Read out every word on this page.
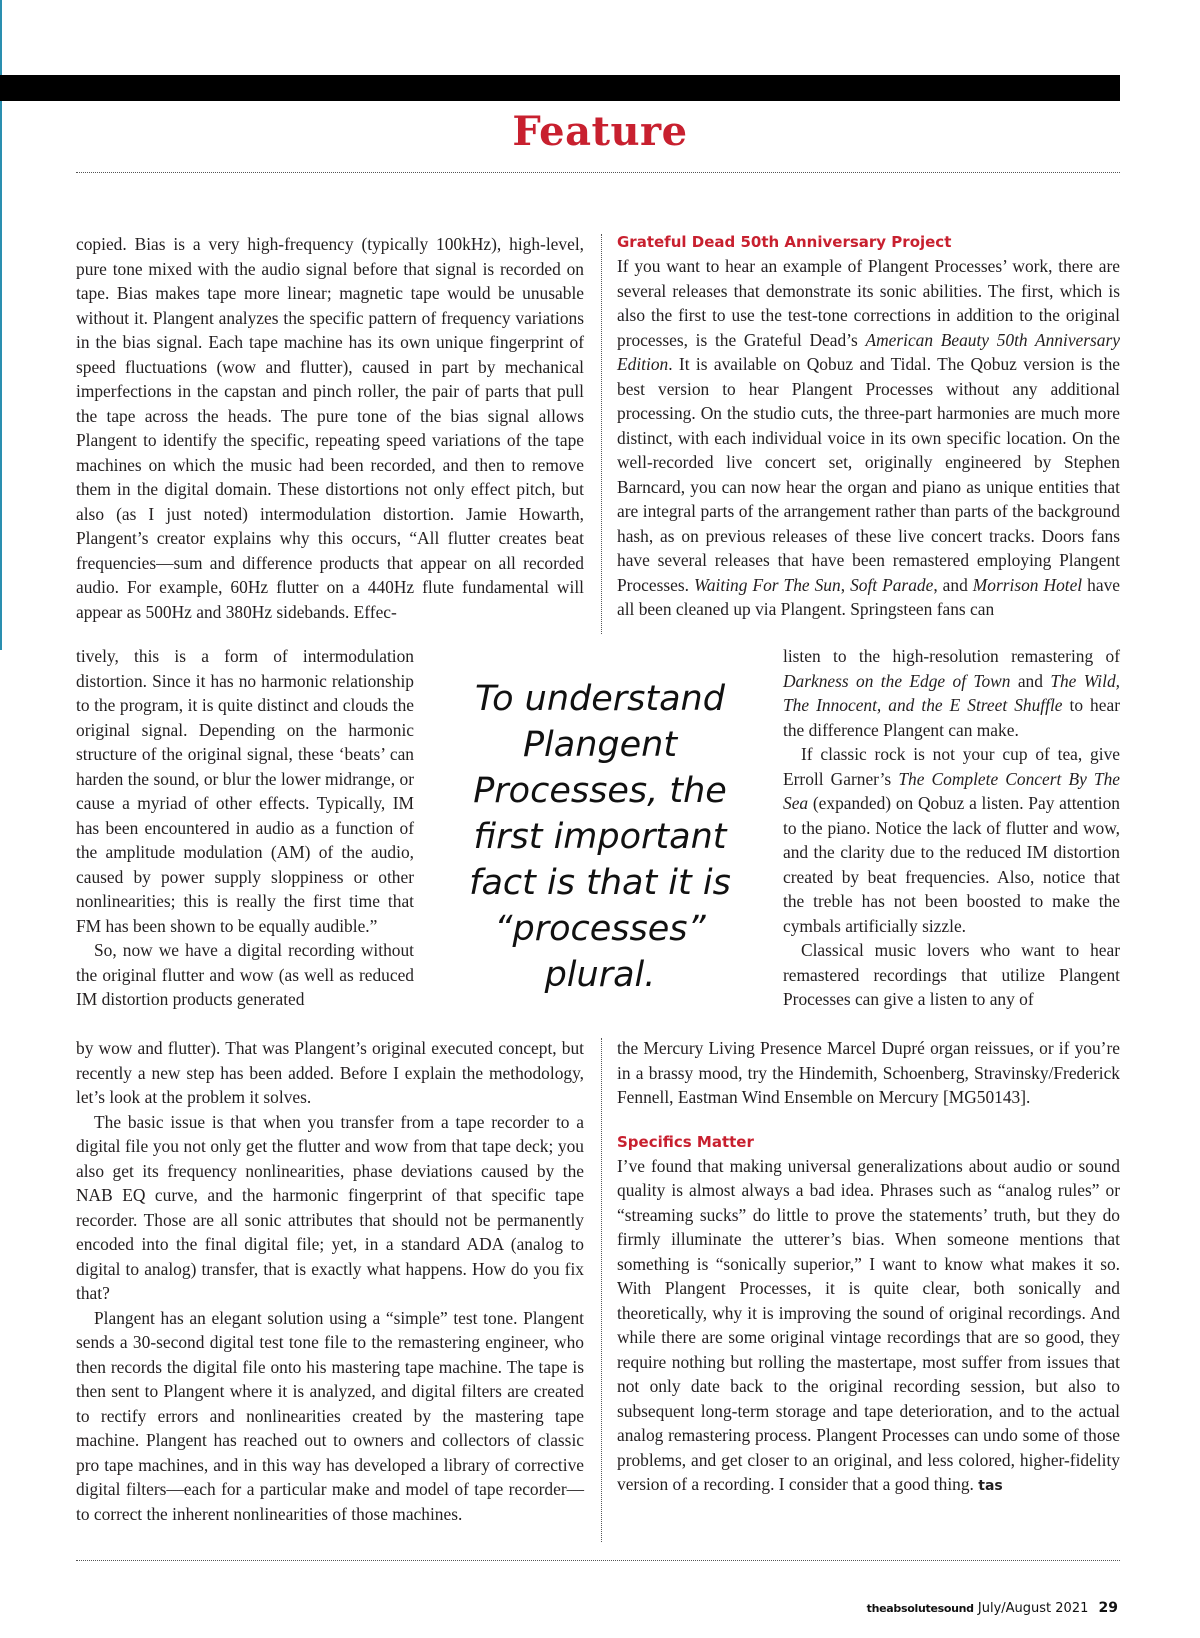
Feature

copied. Bias is a very high-frequency (typically 100kHz), high-level, pure tone mixed with the audio signal before that signal is recorded on tape. Bias makes tape more linear; magnetic tape would be unusable without it. Plangent analyzes the specific pattern of frequency variations in the bias signal. Each tape machine has its own unique fingerprint of speed fluctuations (wow and flutter), caused in part by mechanical imperfections in the capstan and pinch roller, the pair of parts that pull the tape across the heads. The pure tone of the bias signal allows Plangent to identify the specific, repeating speed variations of the tape machines on which the music had been recorded, and then to remove them in the digital domain. These distortions not only effect pitch, but also (as I just noted) intermodulation distortion. Jamie Howarth, Plangent’s creator explains why this occurs, “All flutter creates beat frequencies—sum and difference products that appear on all recorded audio. For example, 60Hz flutter on a 440Hz flute fundamental will appear as 500Hz and 380Hz sidebands. Effec-

tively, this is a form of intermodulation distortion. Since it has no harmonic relationship to the program, it is quite distinct and clouds the original signal. Depending on the harmonic structure of the original signal, these ‘beats’ can harden the sound, or blur the lower midrange, or cause a myriad of other effects. Typically, IM has been encountered in audio as a function of the amplitude modulation (AM) of the audio, caused by power supply sloppiness or other nonlinearities; this is really the first time that FM has been shown to be equally audible.”

So, now we have a digital recording without the original flutter and wow (as well as reduced IM distortion products generated

by wow and flutter). That was Plangent’s original executed concept, but recently a new step has been added. Before I explain the methodology, let’s look at the problem it solves.

The basic issue is that when you transfer from a tape recorder to a digital file you not only get the flutter and wow from that tape deck; you also get its frequency nonlinearities, phase deviations caused by the NAB EQ curve, and the harmonic fingerprint of that specific tape recorder. Those are all sonic attributes that should not be permanently encoded into the final digital file; yet, in a standard ADA (analog to digital to analog) transfer, that is exactly what happens. How do you fix that?

Plangent has an elegant solution using a “simple” test tone. Plangent sends a 30-second digital test tone file to the remastering engineer, who then records the digital file onto his mastering tape machine. The tape is then sent to Plangent where it is analyzed, and digital filters are created to rectify errors and nonlinearities created by the mastering tape machine. Plangent has reached out to owners and collectors of classic pro tape machines, and in this way has developed a library of corrective digital filters—each for a particular make and model of tape recorder—to correct the inherent nonlinearities of those machines.

To understand Plangent Processes, the first important fact is that it is “processes” plural.
Grateful Dead 50th Anniversary Project

If you want to hear an example of Plangent Processes’ work, there are several releases that demonstrate its sonic abilities. The first, which is also the first to use the test-tone corrections in addition to the original processes, is the Grateful Dead’s American Beauty 50th Anniversary Edition. It is available on Qobuz and Tidal. The Qobuz version is the best version to hear Plangent Processes without any additional processing. On the studio cuts, the three-part harmonies are much more distinct, with each individual voice in its own specific location. On the well-recorded live concert set, originally engineered by Stephen Barncard, you can now hear the organ and piano as unique entities that are integral parts of the arrangement rather than parts of the background hash, as on previous releases of these live concert tracks. Doors fans have several releases that have been remastered employing Plangent Processes. Waiting For The Sun, Soft Parade, and Morrison Hotel have all been cleaned up via Plangent. Springsteen fans can

listen to the high-resolution remastering of Darkness on the Edge of Town and The Wild, The Innocent, and the E Street Shuffle to hear the difference Plangent can make.

If classic rock is not your cup of tea, give Erroll Garner’s The Complete Concert By The Sea (expanded) on Qobuz a listen. Pay attention to the piano. Notice the lack of flutter and wow, and the clarity due to the reduced IM distortion created by beat frequencies. Also, notice that the treble has not been boosted to make the cymbals artificially sizzle.

Classical music lovers who want to hear remastered recordings that utilize Plangent Processes can give a listen to any of

the Mercury Living Presence Marcel Dupré organ reissues, or if you’re in a brassy mood, try the Hindemith, Schoenberg, Stravinsky/Frederick Fennell, Eastman Wind Ensemble on Mercury [MG50143].

Specifics Matter

I’ve found that making universal generalizations about audio or sound quality is almost always a bad idea. Phrases such as “analog rules” or “streaming sucks” do little to prove the statements’ truth, but they do firmly illuminate the utterer’s bias. When someone mentions that something is “sonically superior,” I want to know what makes it so. With Plangent Processes, it is quite clear, both sonically and theoretically, why it is improving the sound of original recordings. And while there are some original vintage recordings that are so good, they require nothing but rolling the mastertape, most suffer from issues that not only date back to the original recording session, but also to subsequent long-term storage and tape deterioration, and to the actual analog remastering process. Plangent Processes can undo some of those problems, and get closer to an original, and less colored, higher-fidelity version of a recording. I consider that a good thing. tas

theabsolutesound July/August 2021 29
